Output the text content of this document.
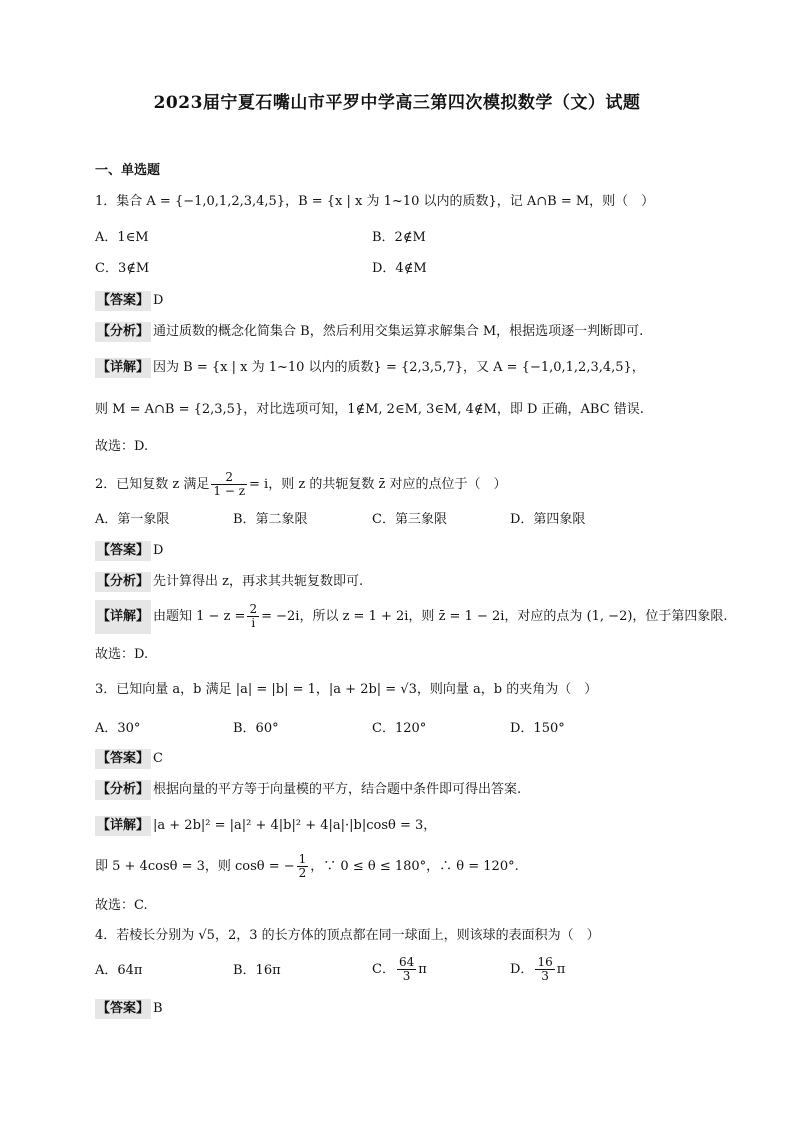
2023届宁夏石嘴山市平罗中学高三第四次模拟数学（文）试题
一、单选题
1．集合 A = {−1,0,1,2,3,4,5}，B = {x | x 为 1~10 以内的质数}，记 A∩B = M，则（　）
A．1∈M	B．2∉M
C．3∉M	D．4∉M
【答案】 D
【分析】 通过质数的概念化简集合 B，然后利用交集运算求解集合 M，根据选项逐一判断即可.
【详解】 因为 B = {x | x 为 1~10 以内的质数} = {2,3,5,7}，又 A = {−1,0,1,2,3,4,5}，
则 M = A∩B = {2,3,5}，对比选项可知，1∉M, 2∈M, 3∈M, 4∉M，即 D 正确，ABC 错误.
故选：D.
2．已知复数 z 满足 $\frac{2}{1 - z} = i$，则 z 的共轭复数 z̄ 对应的点位于（　）
A．第一象限	B．第二象限	C．第三象限	D．第四象限
【答案】 D
【分析】 先计算得出 z，再求其共轭复数即可.
【详解】 由题知 $1 - z = \frac{2}{i} = -2i$，所以 z = 1 + 2i，则 z̄ = 1 − 2i，对应的点为 (1, −2)，位于第四象限.
故选：D.
3．已知向量 a，b 满足 |a| = |b| = 1，|a + 2b| = √3，则向量 a，b 的夹角为（　）
A．30°	B．60°	C．120°	D．150°
【答案】 C
【分析】 根据向量的平方等于向量模的平方，结合题中条件即可得出答案.
【详解】 |a + 2b|² = |a|² + 4|b|² + 4|a|·|b|cosθ = 3，
即 5 + 4cosθ = 3，则 cosθ = − $\frac{1}{2}$ ，∵ 0 ≤ θ ≤ 180°，∴ θ = 120°.
故选：C.
4．若棱长分别为 √5，2，3 的长方体的顶点都在同一球面上，则该球的表面积为（　）
A．64π	B．16π	C． $\frac{64}{3}$ π	D． $\frac{16}{3}$ π
【答案】 B
